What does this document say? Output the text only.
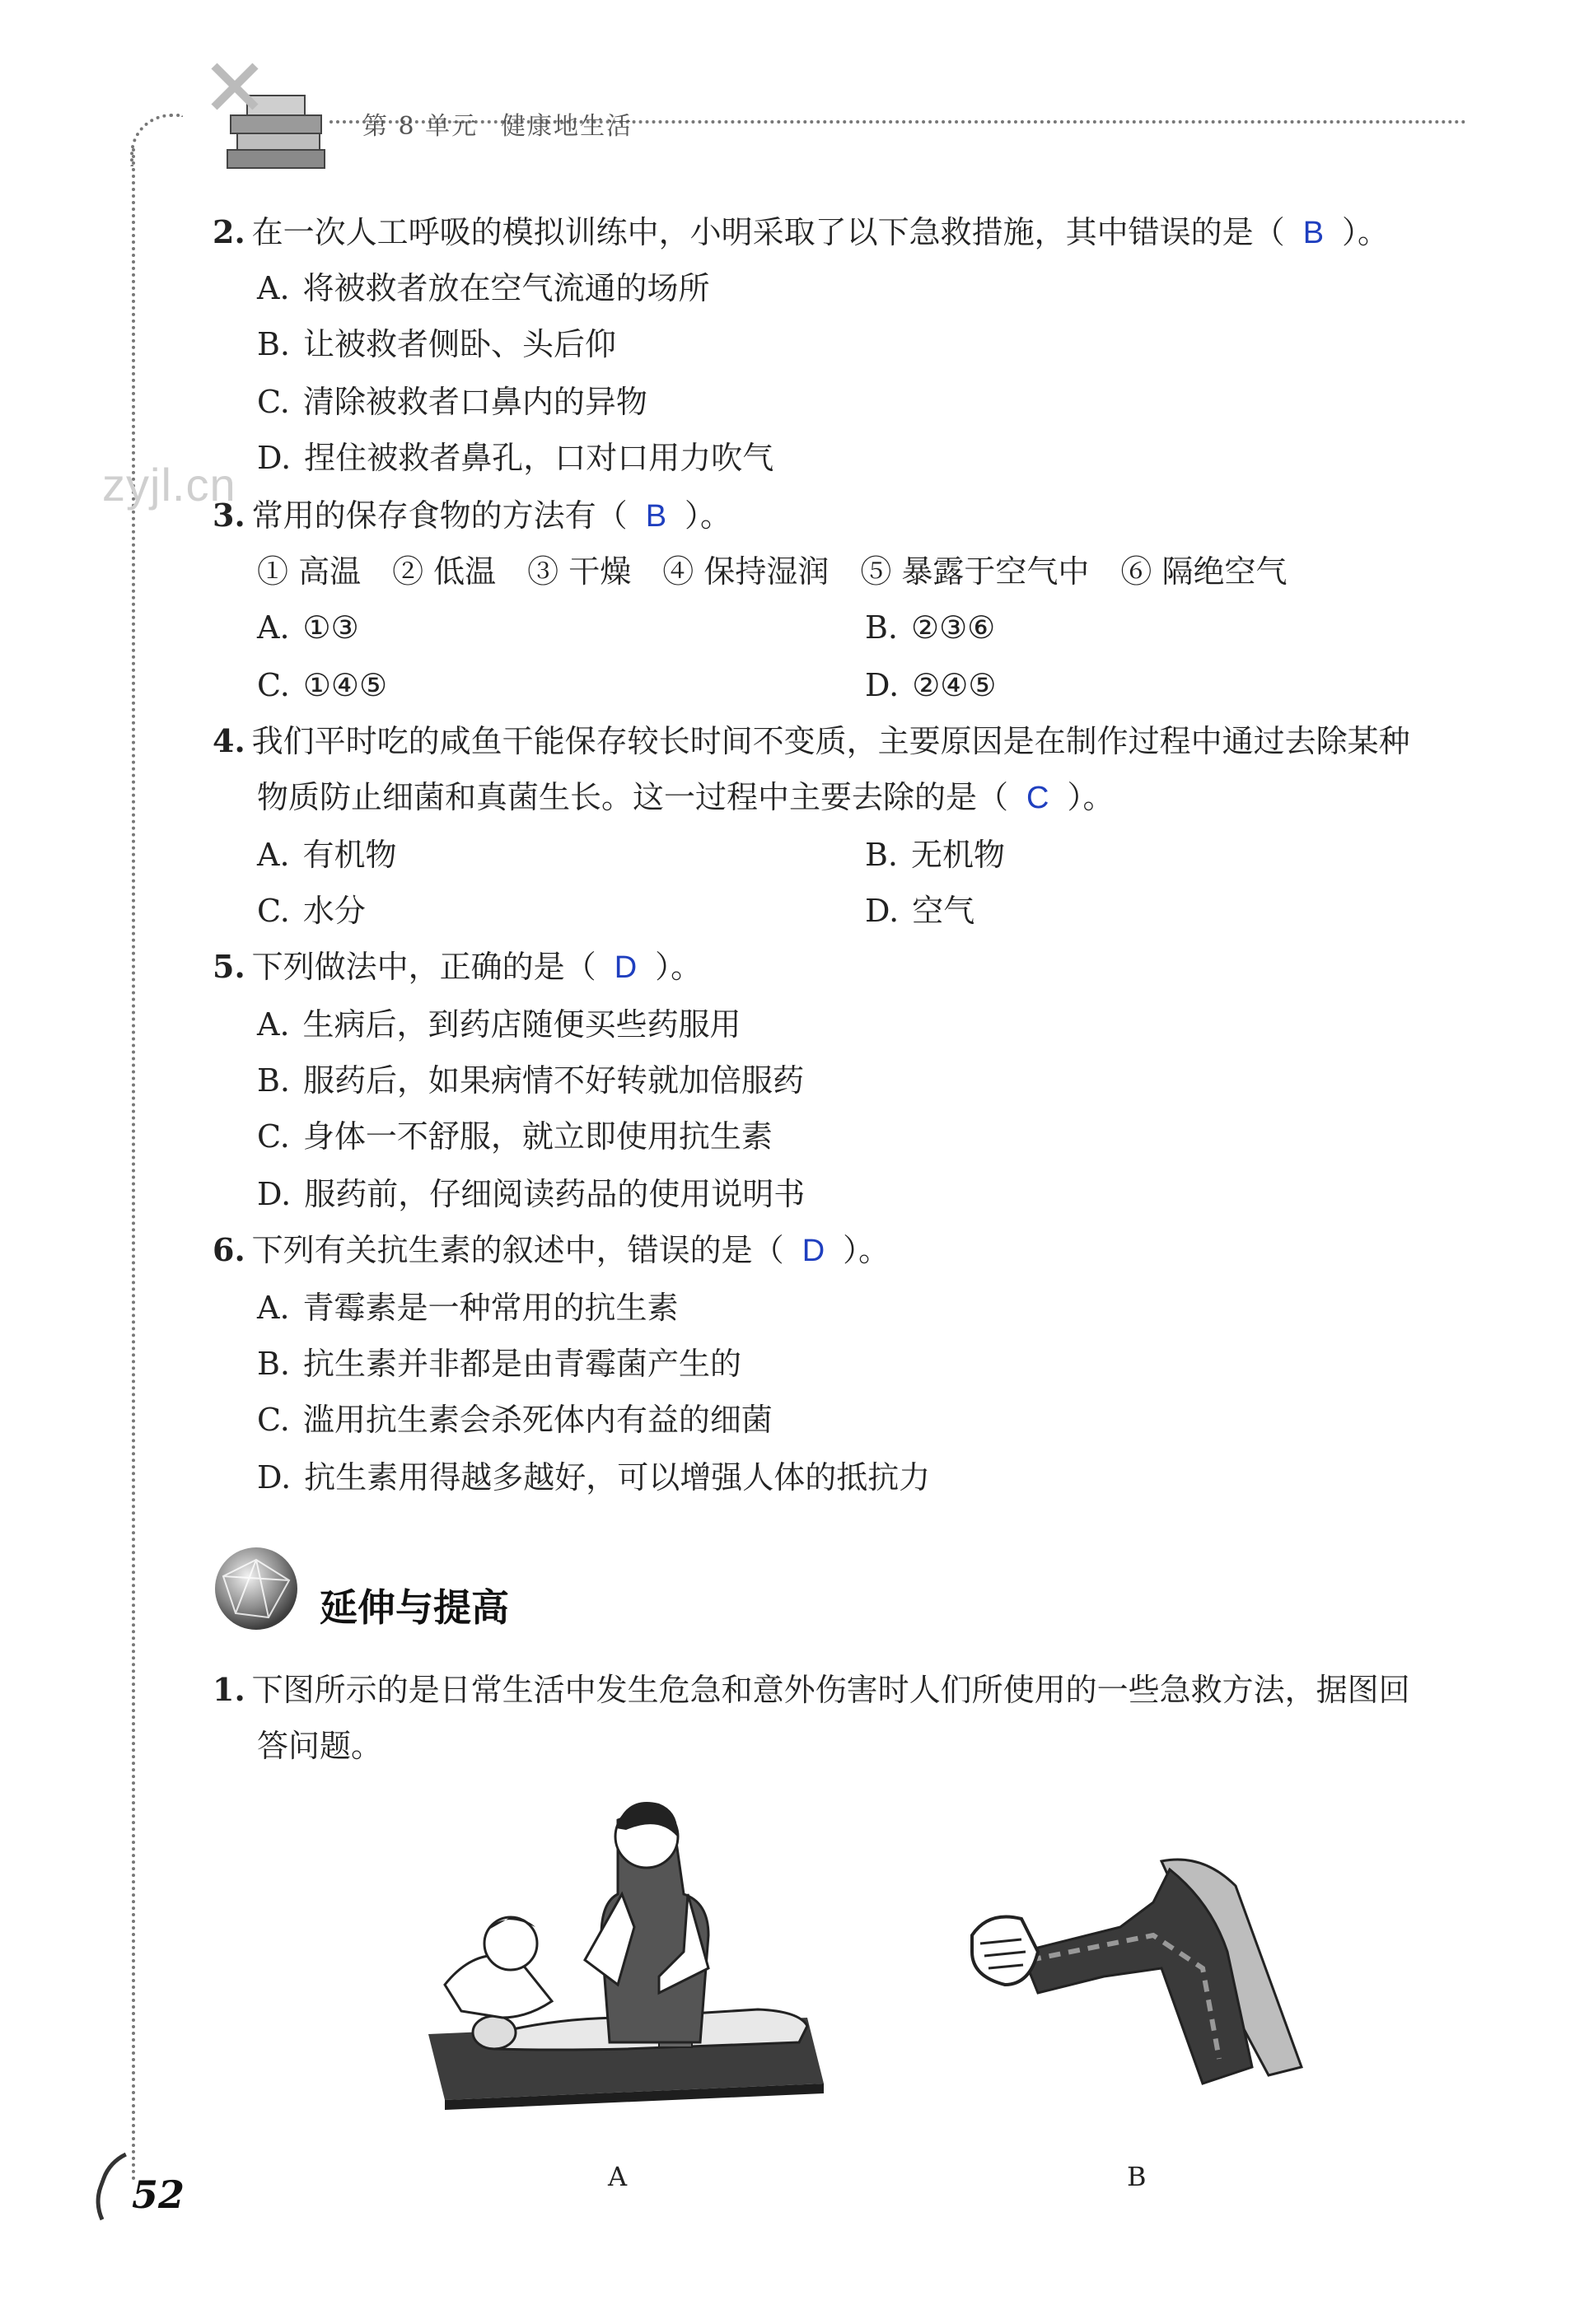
第 8 单元 健康地生活
zyjl.cn
2. 在一次人工呼吸的模拟训练中，小明采取了以下急救措施，其中错误的是（ B ）。
A. 将被救者放在空气流通的场所
B. 让被救者侧卧、头后仰
C. 清除被救者口鼻内的异物
D. 捏住被救者鼻孔，口对口用力吹气
3. 常用的保存食物的方法有（ B ）。
① 高温　② 低温　③ 干燥　④ 保持湿润　⑤ 暴露于空气中　⑥ 隔绝空气
A. ①③	B. ②③⑥
C. ①④⑤	D. ②④⑤
4. 我们平时吃的咸鱼干能保存较长时间不变质，主要原因是在制作过程中通过去除某种
物质防止细菌和真菌生长。这一过程中主要去除的是（ C ）。
A. 有机物	B. 无机物
C. 水分	D. 空气
5. 下列做法中，正确的是（ D ）。
A. 生病后，到药店随便买些药服用
B. 服药后，如果病情不好转就加倍服药
C. 身体一不舒服，就立即使用抗生素
D. 服药前，仔细阅读药品的使用说明书
6. 下列有关抗生素的叙述中，错误的是（ D ）。
A. 青霉素是一种常用的抗生素
B. 抗生素并非都是由青霉菌产生的
C. 滥用抗生素会杀死体内有益的细菌
D. 抗生素用得越多越好，可以增强人体的抵抗力
延伸与提高
1. 下图所示的是日常生活中发生危急和意外伤害时人们所使用的一些急救方法，据图回
答问题。
A	B
52
